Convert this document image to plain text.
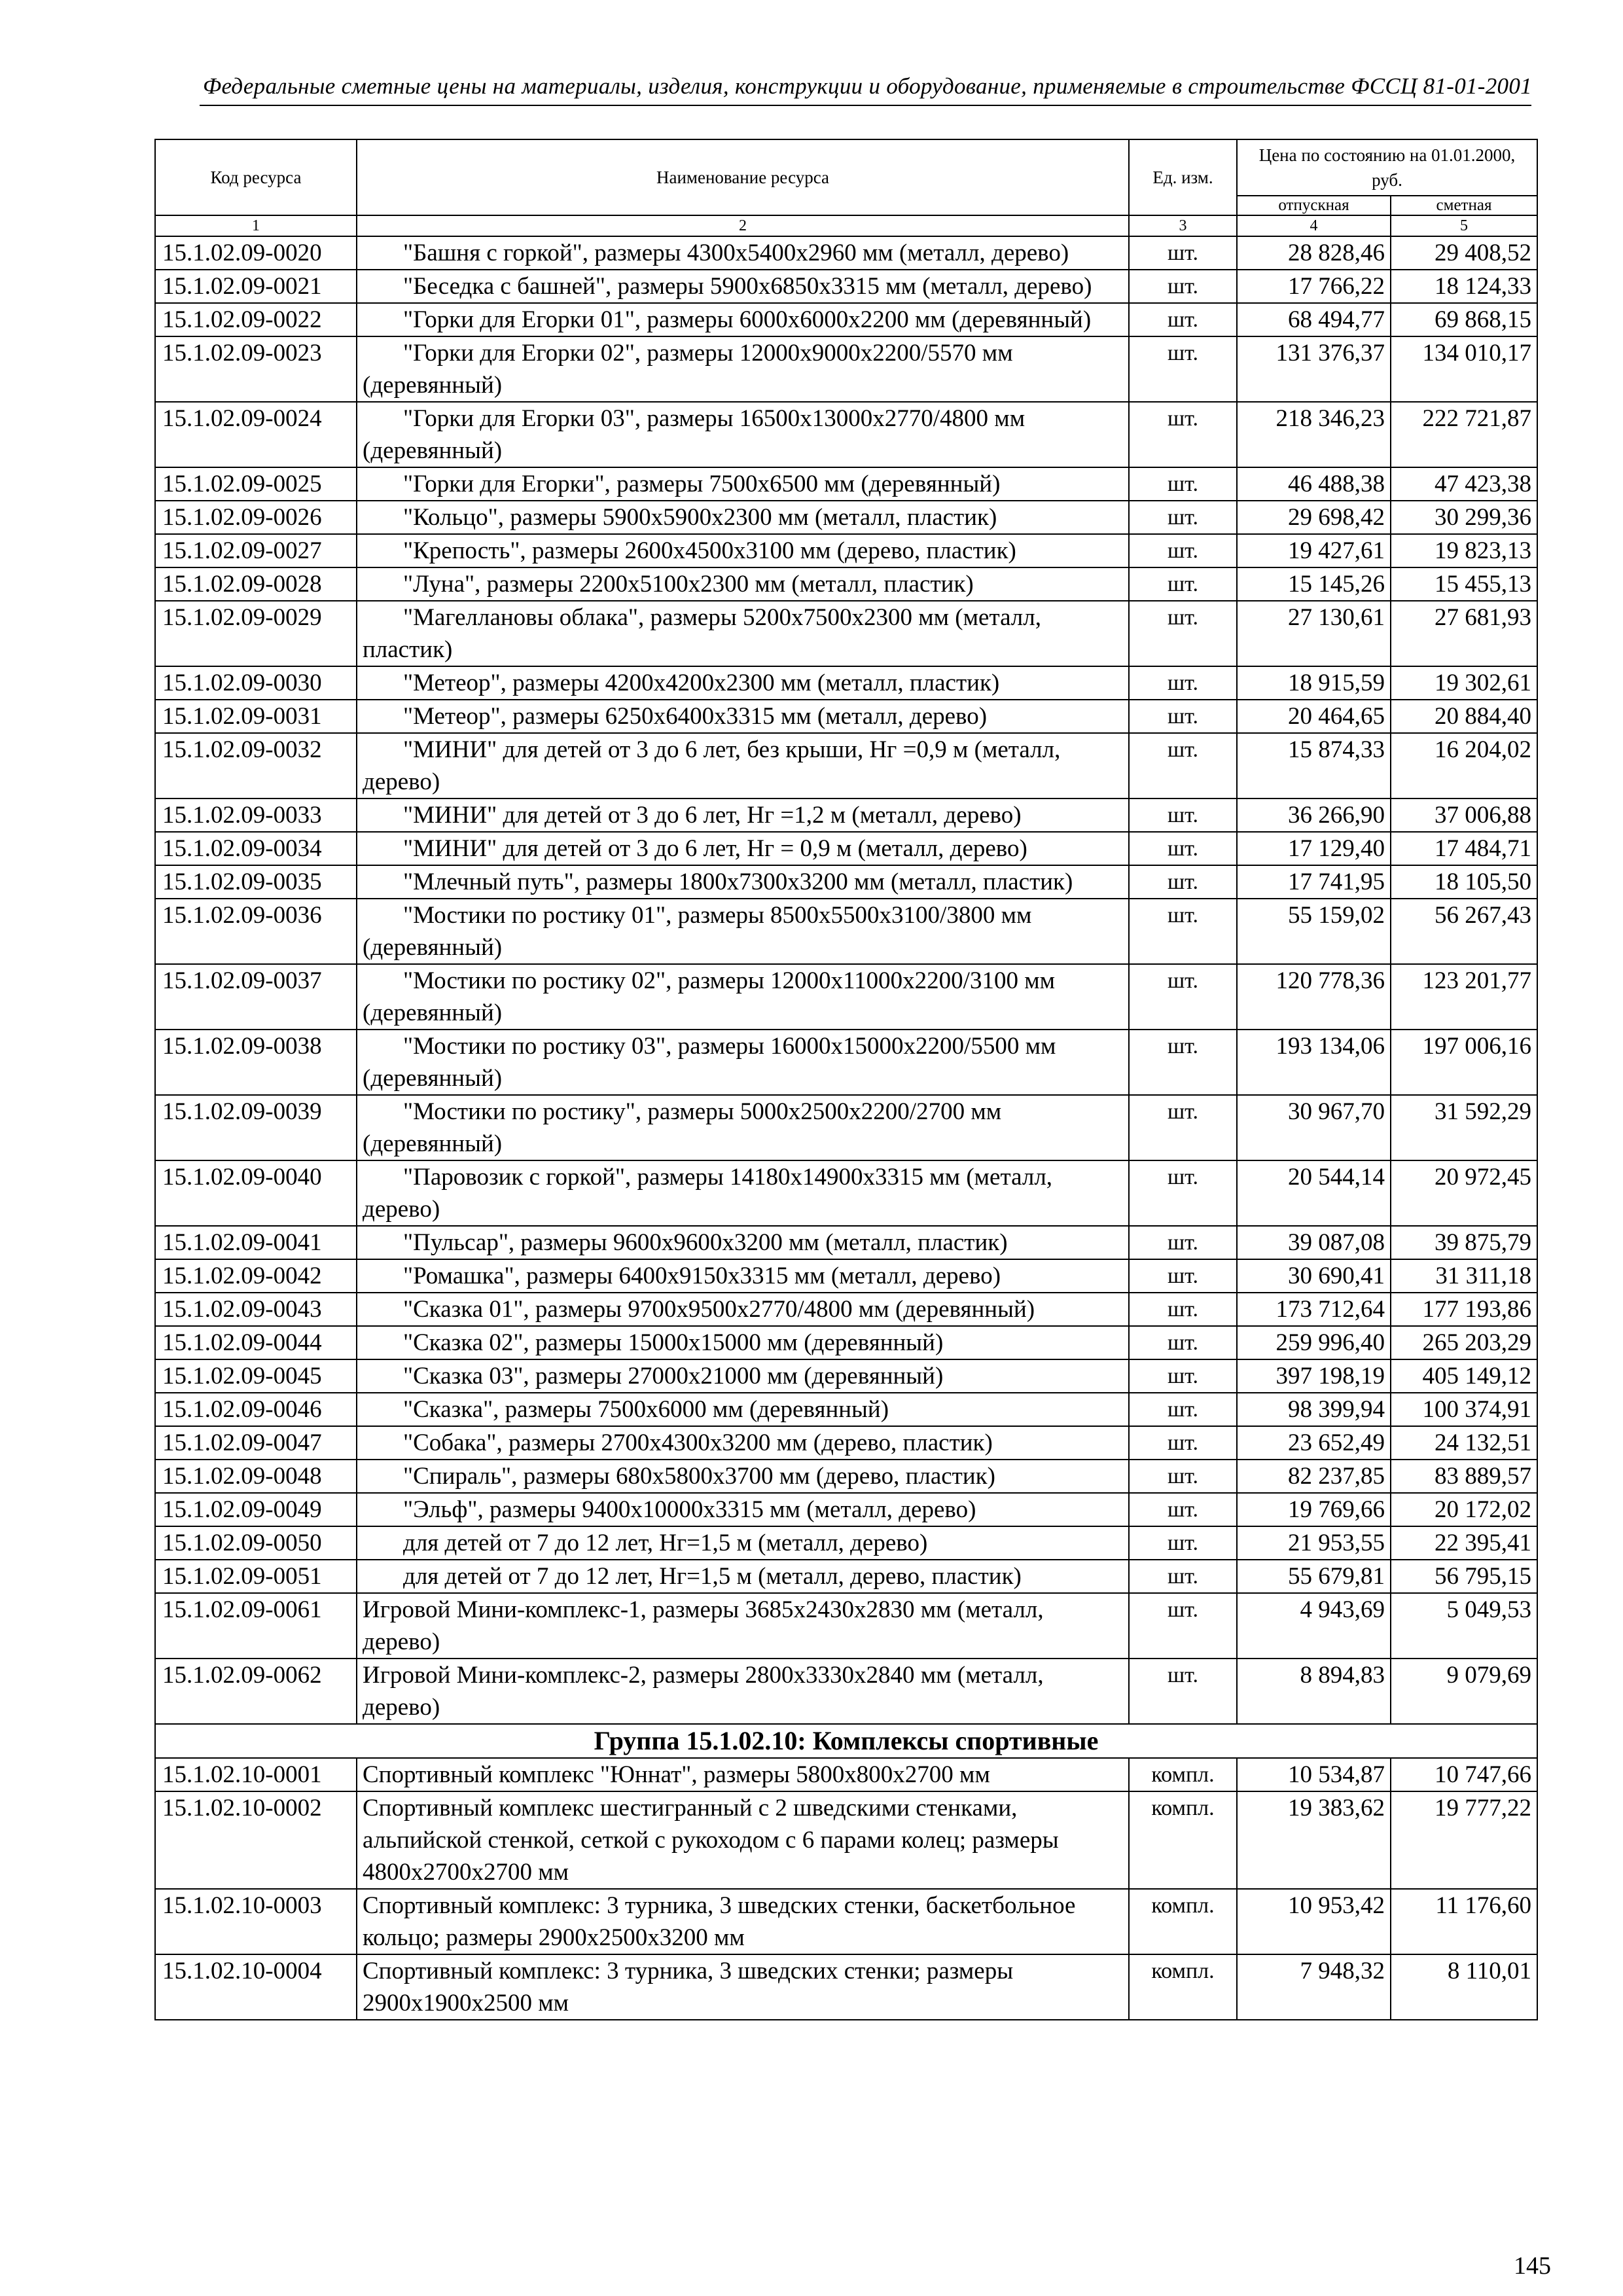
Федеральные сметные цены на материалы, изделия, конструкции и оборудование, применяемые в строительстве ФССЦ 81-01-2001
Код ресурса	Наименование ресурса	Ед. изм.	Цена по состоянию на 01.01.2000, руб.	
			отпускная	сметная
1	2	3	4	5
15.1.02.09-0020	"Башня с горкой", размеры 4300x5400x2960 мм (металл, дерево)	шт.	28 828,46	29 408,52
15.1.02.09-0021	"Беседка с башней", размеры 5900x6850x3315 мм (металл, дерево)	шт.	17 766,22	18 124,33
15.1.02.09-0022	"Горки для Егорки 01", размеры 6000x6000x2200 мм (деревянный)	шт.	68 494,77	69 868,15
15.1.02.09-0023	"Горки для Егорки 02", размеры 12000x9000x2200/5570 мм (деревянный)	шт.	131 376,37	134 010,17
15.1.02.09-0024	"Горки для Егорки 03", размеры 16500x13000x2770/4800 мм (деревянный)	шт.	218 346,23	222 721,87
15.1.02.09-0025	"Горки для Егорки", размеры 7500x6500 мм (деревянный)	шт.	46 488,38	47 423,38
15.1.02.09-0026	"Кольцо", размеры 5900x5900x2300 мм (металл, пластик)	шт.	29 698,42	30 299,36
15.1.02.09-0027	"Крепость", размеры 2600x4500x3100 мм (дерево, пластик)	шт.	19 427,61	19 823,13
15.1.02.09-0028	"Луна", размеры 2200x5100x2300 мм (металл, пластик)	шт.	15 145,26	15 455,13
15.1.02.09-0029	"Магеллановы облака", размеры 5200x7500x2300 мм (металл, пластик)	шт.	27 130,61	27 681,93
15.1.02.09-0030	"Метеор", размеры 4200x4200x2300 мм (металл, пластик)	шт.	18 915,59	19 302,61
15.1.02.09-0031	"Метеор", размеры 6250x6400x3315 мм (металл, дерево)	шт.	20 464,65	20 884,40
15.1.02.09-0032	"МИНИ" для детей от 3 до 6 лет, без крыши, Нг =0,9 м (металл, дерево)	шт.	15 874,33	16 204,02
15.1.02.09-0033	"МИНИ" для детей от 3 до 6 лет, Нг =1,2 м (металл, дерево)	шт.	36 266,90	37 006,88
15.1.02.09-0034	"МИНИ" для детей от 3 до 6 лет, Нг = 0,9 м (металл, дерево)	шт.	17 129,40	17 484,71
15.1.02.09-0035	"Млечный путь", размеры 1800x7300x3200 мм (металл, пластик)	шт.	17 741,95	18 105,50
15.1.02.09-0036	"Мостики по ростику 01", размеры 8500x5500x3100/3800 мм (деревянный)	шт.	55 159,02	56 267,43
15.1.02.09-0037	"Мостики по ростику 02", размеры 12000x11000x2200/3100 мм (деревянный)	шт.	120 778,36	123 201,77
15.1.02.09-0038	"Мостики по ростику 03", размеры 16000x15000x2200/5500 мм (деревянный)	шт.	193 134,06	197 006,16
15.1.02.09-0039	"Мостики по ростику", размеры 5000x2500x2200/2700 мм (деревянный)	шт.	30 967,70	31 592,29
15.1.02.09-0040	"Паровозик с горкой", размеры 14180x14900x3315 мм (металл, дерево)	шт.	20 544,14	20 972,45
15.1.02.09-0041	"Пульсар", размеры 9600x9600x3200 мм (металл, пластик)	шт.	39 087,08	39 875,79
15.1.02.09-0042	"Ромашка", размеры 6400x9150x3315 мм (металл, дерево)	шт.	30 690,41	31 311,18
15.1.02.09-0043	"Сказка 01", размеры 9700x9500x2770/4800 мм (деревянный)	шт.	173 712,64	177 193,86
15.1.02.09-0044	"Сказка 02", размеры 15000x15000 мм (деревянный)	шт.	259 996,40	265 203,29
15.1.02.09-0045	"Сказка 03", размеры 27000x21000 мм (деревянный)	шт.	397 198,19	405 149,12
15.1.02.09-0046	"Сказка", размеры 7500x6000 мм (деревянный)	шт.	98 399,94	100 374,91
15.1.02.09-0047	"Собака", размеры 2700x4300x3200 мм (дерево, пластик)	шт.	23 652,49	24 132,51
15.1.02.09-0048	"Спираль", размеры 680x5800x3700 мм (дерево, пластик)	шт.	82 237,85	83 889,57
15.1.02.09-0049	"Эльф", размеры 9400x10000x3315 мм (металл, дерево)	шт.	19 769,66	20 172,02
15.1.02.09-0050	для детей от 7 до 12 лет, Нг=1,5 м (металл, дерево)	шт.	21 953,55	22 395,41
15.1.02.09-0051	для детей от 7 до 12 лет, Нг=1,5 м (металл, дерево, пластик)	шт.	55 679,81	56 795,15
15.1.02.09-0061	Игровой Мини-комплекс-1, размеры 3685x2430x2830 мм (металл, дерево)	шт.	4 943,69	5 049,53
15.1.02.09-0062	Игровой Мини-комплекс-2, размеры 2800x3330x2840 мм (металл, дерево)	шт.	8 894,83	9 079,69
Группа 15.1.02.10: Комплексы спортивные				
15.1.02.10-0001	Спортивный комплекс "Юннат", размеры 5800x800x2700 мм	компл.	10 534,87	10 747,66
15.1.02.10-0002	Спортивный комплекс шестигранный с 2 шведскими стенками, альпийской стенкой, сеткой с рукоходом с 6 парами колец; размеры 4800x2700x2700 мм	компл.	19 383,62	19 777,22
15.1.02.10-0003	Спортивный комплекс: 3 турника, 3 шведских стенки, баскетбольное кольцо; размеры 2900x2500x3200 мм	компл.	10 953,42	11 176,60
15.1.02.10-0004	Спортивный комплекс: 3 турника, 3 шведских стенки; размеры 2900x1900x2500 мм	компл.	7 948,32	8 110,01
145
